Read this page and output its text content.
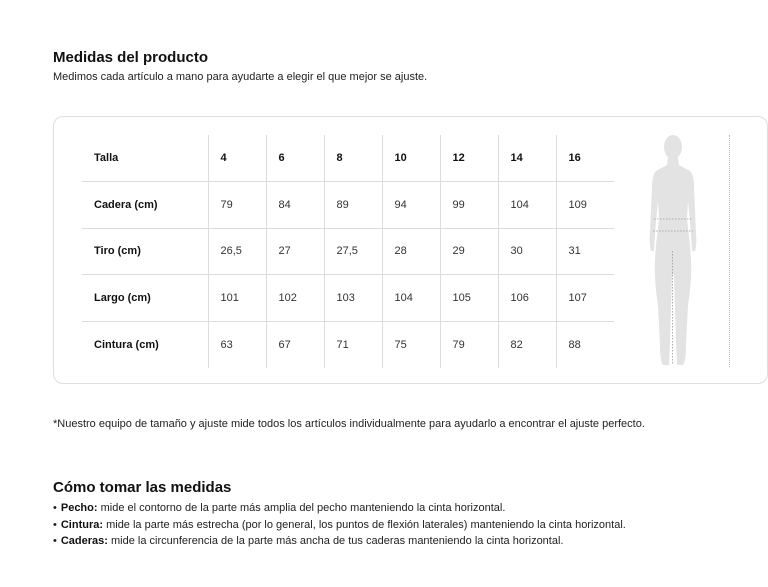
Medidas del producto
Medimos cada artículo a mano para ayudarte a elegir el que mejor se ajuste.
Talla	4	6	8	10	12	14	16
Cadera (cm)	79	84	89	94	99	104	109
Tiro (cm)	26,5	27	27,5	28	29	30	31
Largo (cm)	101	102	103	104	105	106	107
Cintura (cm)	63	67	71	75	79	82	88
*Nuestro equipo de tamaño y ajuste mide todos los artículos individualmente para ayudarlo a encontrar el ajuste perfecto.
Cómo tomar las medidas
• Pecho: mide el contorno de la parte más amplia del pecho manteniendo la cinta horizontal.
• Cintura: mide la parte más estrecha (por lo general, los puntos de flexión laterales) manteniendo la cinta horizontal.
• Caderas: mide la circunferencia de la parte más ancha de tus caderas manteniendo la cinta horizontal.
